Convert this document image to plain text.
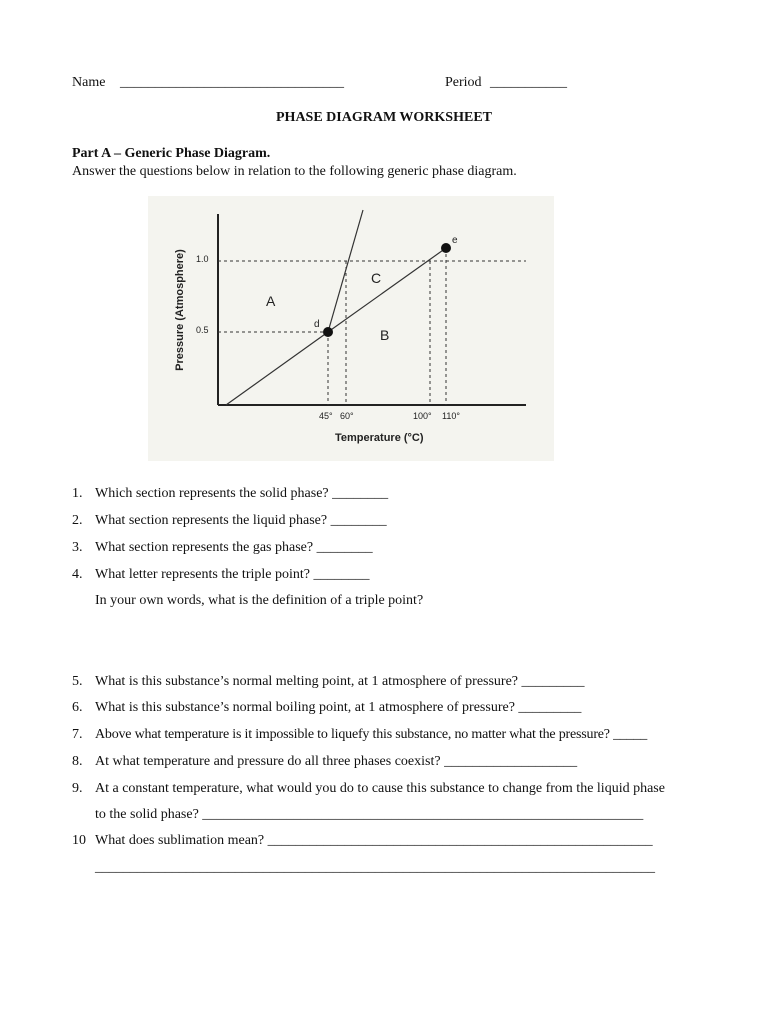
Name ________________________________	Period ___________
PHASE DIAGRAM WORKSHEET
Part A – Generic Phase Diagram.
Answer the questions below in relation to the following generic phase diagram.
d
e
A
B
C
1.0
0.5
45° 60°	100° 110°
Temperature (°C)
Pressure (Atmosphere)
1. Which section represents the solid phase? ________
2. What section represents the liquid phase? ________
3. What section represents the gas phase? ________
4. What letter represents the triple point? ________
In your own words, what is the definition of a triple point?
5. What is this substance’s normal melting point, at 1 atmosphere of pressure? _________
6. What is this substance’s normal boiling point, at 1 atmosphere of pressure? _________
7. Above what temperature is it impossible to liquefy this substance, no matter what the pressure? _____
8. At what temperature and pressure do all three phases coexist? ___________________
9. At a constant temperature, what would you do to cause this substance to change from the liquid phase
to the solid phase? _______________________________________________________________
10 What does sublimation mean? _______________________________________________________
________________________________________________________________________________
